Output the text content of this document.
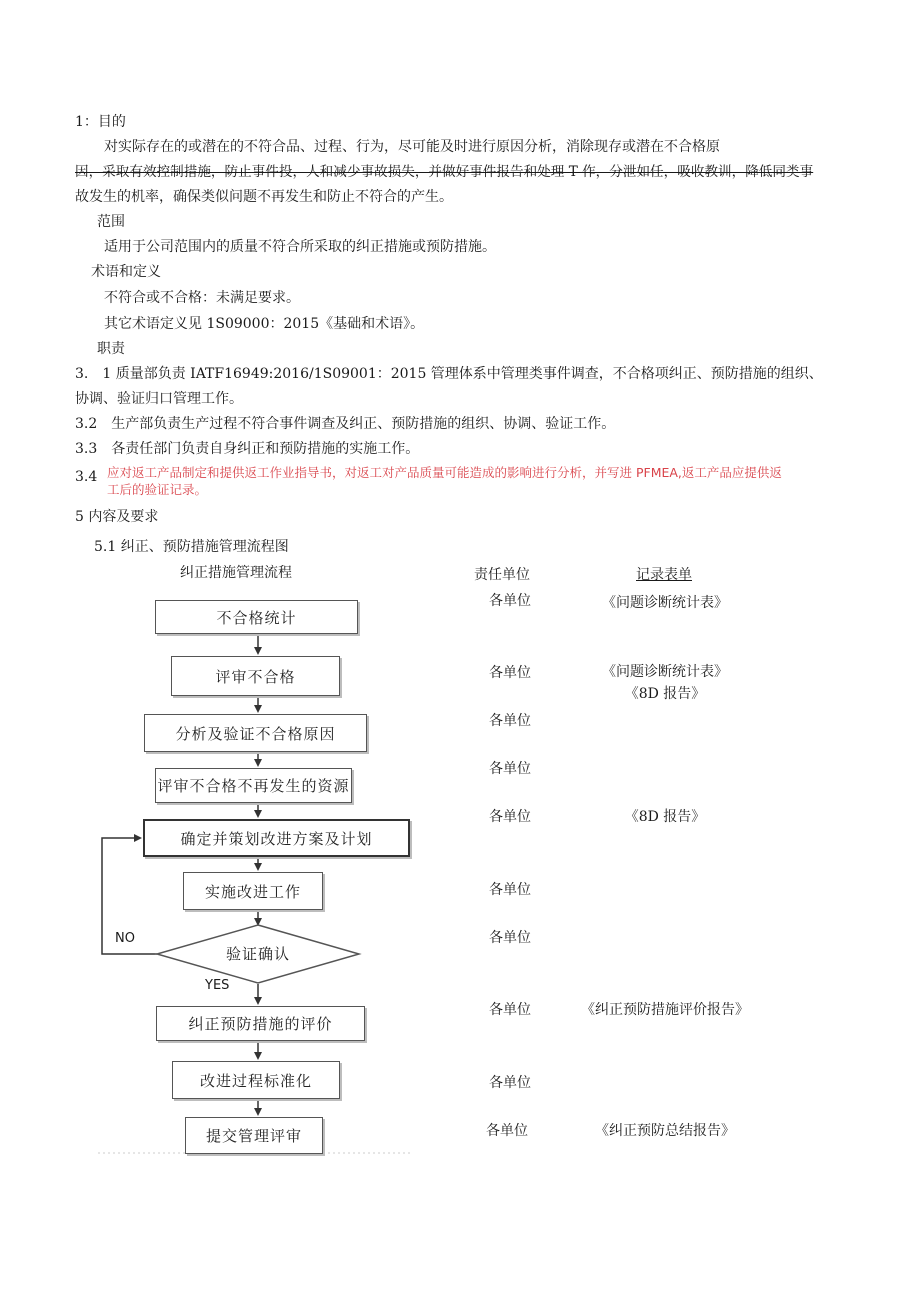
1：目的
对实际存在的或潜在的不符合品、过程、行为，尽可能及时进行原因分析，消除现存或潜在不合格原
因，采取有效控制措施，防止事件投，人和减少事故损失，并做好事件报告和处理 T 作，分泄如任，吸收教训，降低同类事
故发生的机率，确保类似问题不再发生和防止不符合的产生。
范围
适用于公司范围内的质量不符合所采取的纠正措施或预防措施。
术语和定义
不符合或不合格：未满足要求。
其它术语定义见 1S09000：2015《基础和术语》。
职责
3.　1 质量部负责 IATF16949:2016/1S09001：2015 管理体系中管理类事件调查，不合格项纠正、预防措施的组织、
协调、验证归口管理工作。
3.2　生产部负责生产过程不符合事件调查及纠正、预防措施的组织、协调、验证工作。
3.3　各责任部门负责自身纠正和预防措施的实施工作。
3.4 应对返工产品制定和提供返工作业指导书，对返工对产品质量可能造成的影响进行分析，并写进 PFMEA,返工产品应提供返
工后的验证记录。
5 内容及要求
5.1 纠正、预防措施管理流程图
纠正措施管理流程	责任单位	记录表单
不合格统计
评审不合格
分析及验证不合格原因
评审不合格不再发生的资源
确定并策划改进方案及计划
实施改进工作
验证确认
NO
YES
纠正预防措施的评价
改进过程标准化
提交管理评审
各单位
各单位
各单位
各单位
各单位
各单位
各单位
各单位
各单位
各单位
《问题诊断统计表》
《问题诊断统计表》
《8D 报告》
《8D 报告》
《纠正预防措施评价报告》
《纠正预防总结报告》
